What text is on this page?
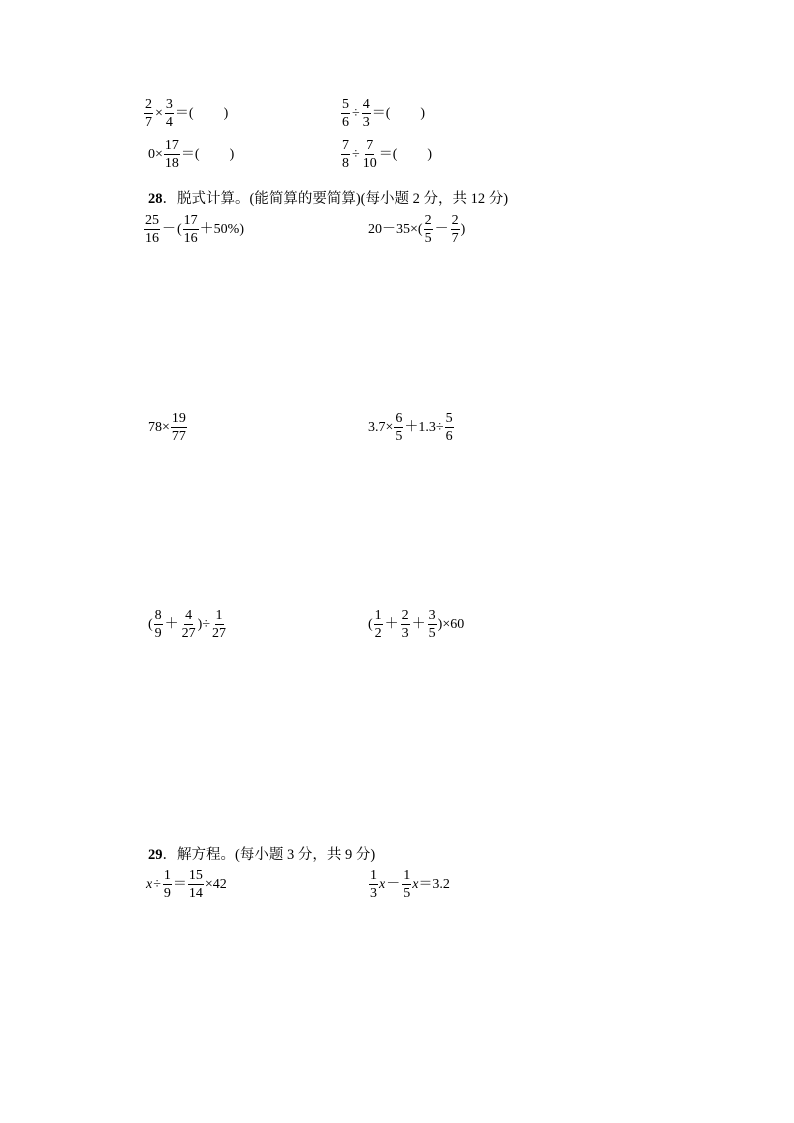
$\frac{2}{7} \times \frac{3}{4}$ ＝ ( )	$\frac{5}{6} \div \frac{4}{3}$ ＝ ( )
$0\times \frac{17}{18}$ ＝ ( )	$\frac{7}{8} \div \frac{7}{10}$ ＝ ( )
28．脱式计算。(能简算的要简算)(每小题 2 分，共 12 分)
$\frac{25}{16}$ － ( $\frac{17}{16} +50\%$)	$20-35\times( \frac{2}{5} - \frac{2}{7}$ )
$78\times \frac{19}{77}$	$3.7\times \frac{6}{5} +1.3\div \frac{5}{6}$
( $\frac{8}{9} + \frac{4}{27}$ )÷ $\frac{1}{27}$	( $\frac{1}{2} + \frac{2}{3} + \frac{3}{5} )\times 60$
29．解方程。(每小题 3 分，共 9 分)
$x \div \frac{1}{9} = \frac{15}{14} \times 42$	$\frac{1}{3}$ $x - \frac{1}{5}$ x ＝3.2
